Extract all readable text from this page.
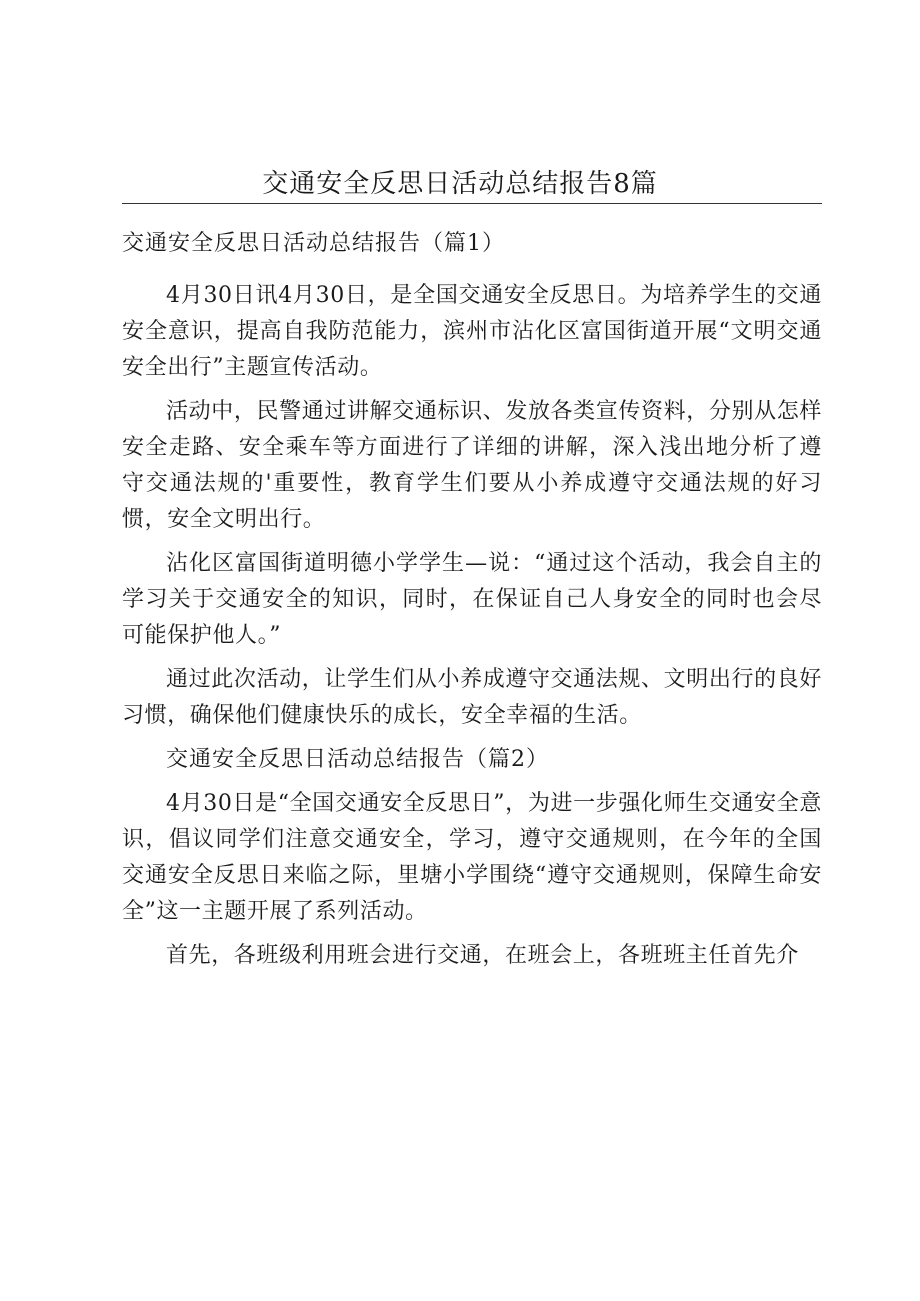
交通安全反思日活动总结报告8篇

交通安全反思日活动总结报告（篇1）

4月30日讯4月30日，是全国交通安全反思日。为培养学生的交通安全意识，提高自我防范能力，滨州市沾化区富国街道开展“文明交通安全出行”主题宣传活动。

活动中，民警通过讲解交通标识、发放各类宣传资料，分别从怎样安全走路、安全乘车等方面进行了详细的讲解，深入浅出地分析了遵守交通法规的'重要性，教育学生们要从小养成遵守交通法规的好习惯，安全文明出行。

沾化区富国街道明德小学学生—说：“通过这个活动，我会自主的学习关于交通安全的知识，同时，在保证自己人身安全的同时也会尽可能保护他人。”

通过此次活动，让学生们从小养成遵守交通法规、文明出行的良好习惯，确保他们健康快乐的成长，安全幸福的生活。

交通安全反思日活动总结报告（篇2）

4月30日是“全国交通安全反思日”，为进一步强化师生交通安全意识，倡议同学们注意交通安全，学习，遵守交通规则，在今年的全国交通安全反思日来临之际，里塘小学围绕“遵守交通规则，保障生命安全”这一主题开展了系列活动。

首先，各班级利用班会进行交通，在班会上，各班班主任首先介
